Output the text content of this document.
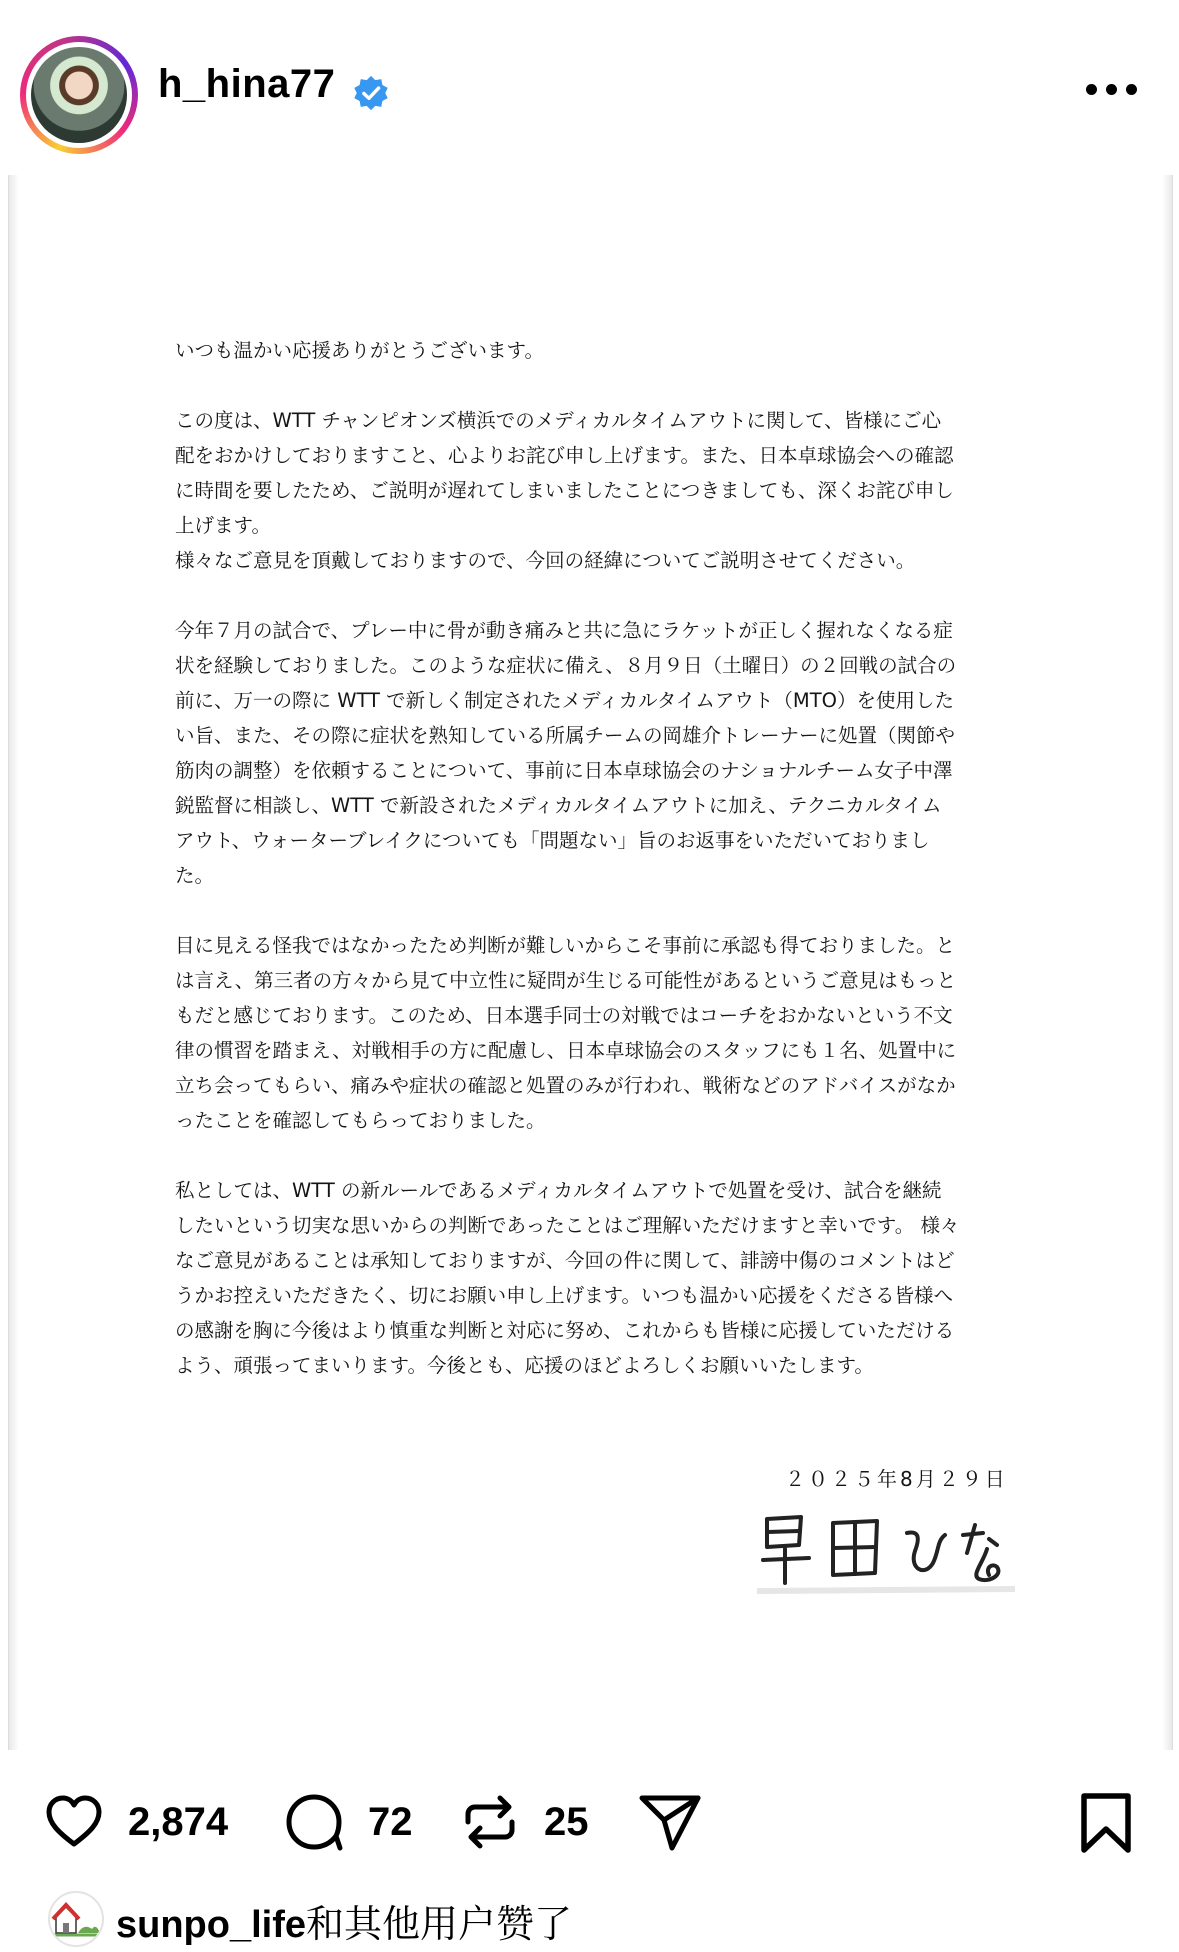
h_hina77

いつも温かい応援ありがとうございます。

この度は、WTT チャンピオンズ横浜でのメディカルタイムアウトに関して、皆様にご心

配をおかけしておりますこと、心よりお詫び申し上げます。また、日本卓球協会への確認

に時間を要したため、ご説明が遅れてしまいましたことにつきましても、深くお詫び申し

上げます。

様々なご意見を頂戴しておりますので、今回の経緯についてご説明させてください。

今年７月の試合で、プレー中に骨が動き痛みと共に急にラケットが正しく握れなくなる症

状を経験しておりました。このような症状に備え、８月９日（土曜日）の２回戦の試合の

前に、万一の際に WTT で新しく制定されたメディカルタイムアウト（MTO）を使用した

い旨、また、その際に症状を熟知している所属チームの岡雄介トレーナーに処置（関節や

筋肉の調整）を依頼することについて、事前に日本卓球協会のナショナルチーム女子中澤

鋭監督に相談し、WTT で新設されたメディカルタイムアウトに加え、テクニカルタイム

アウト、ウォーターブレイクについても「問題ない」旨のお返事をいただいておりまし

た。

目に見える怪我ではなかったため判断が難しいからこそ事前に承認も得ておりました。と

は言え、第三者の方々から見て中立性に疑問が生じる可能性があるというご意見はもっと

もだと感じております。このため、日本選手同士の対戦ではコーチをおかないという不文

律の慣習を踏まえ、対戦相手の方に配慮し、日本卓球協会のスタッフにも１名、処置中に

立ち会ってもらい、痛みや症状の確認と処置のみが行われ、戦術などのアドバイスがなか

ったことを確認してもらっておりました。

私としては、WTT の新ルールであるメディカルタイムアウトで処置を受け、試合を継続

したいという切実な思いからの判断であったことはご理解いただけますと幸いです。 様々

なご意見があることは承知しておりますが、今回の件に関して、誹謗中傷のコメントはど

うかお控えいただきたく、切にお願い申し上げます。いつも温かい応援をくださる皆様へ

の感謝を胸に今後はより慎重な判断と対応に努め、これからも皆様に応援していただける

よう、頑張ってまいります。今後とも、応援のほどよろしくお願いいたします。

２０２５年8月２９日
2,874	72	25
sunpo_life和其他用户赞了
